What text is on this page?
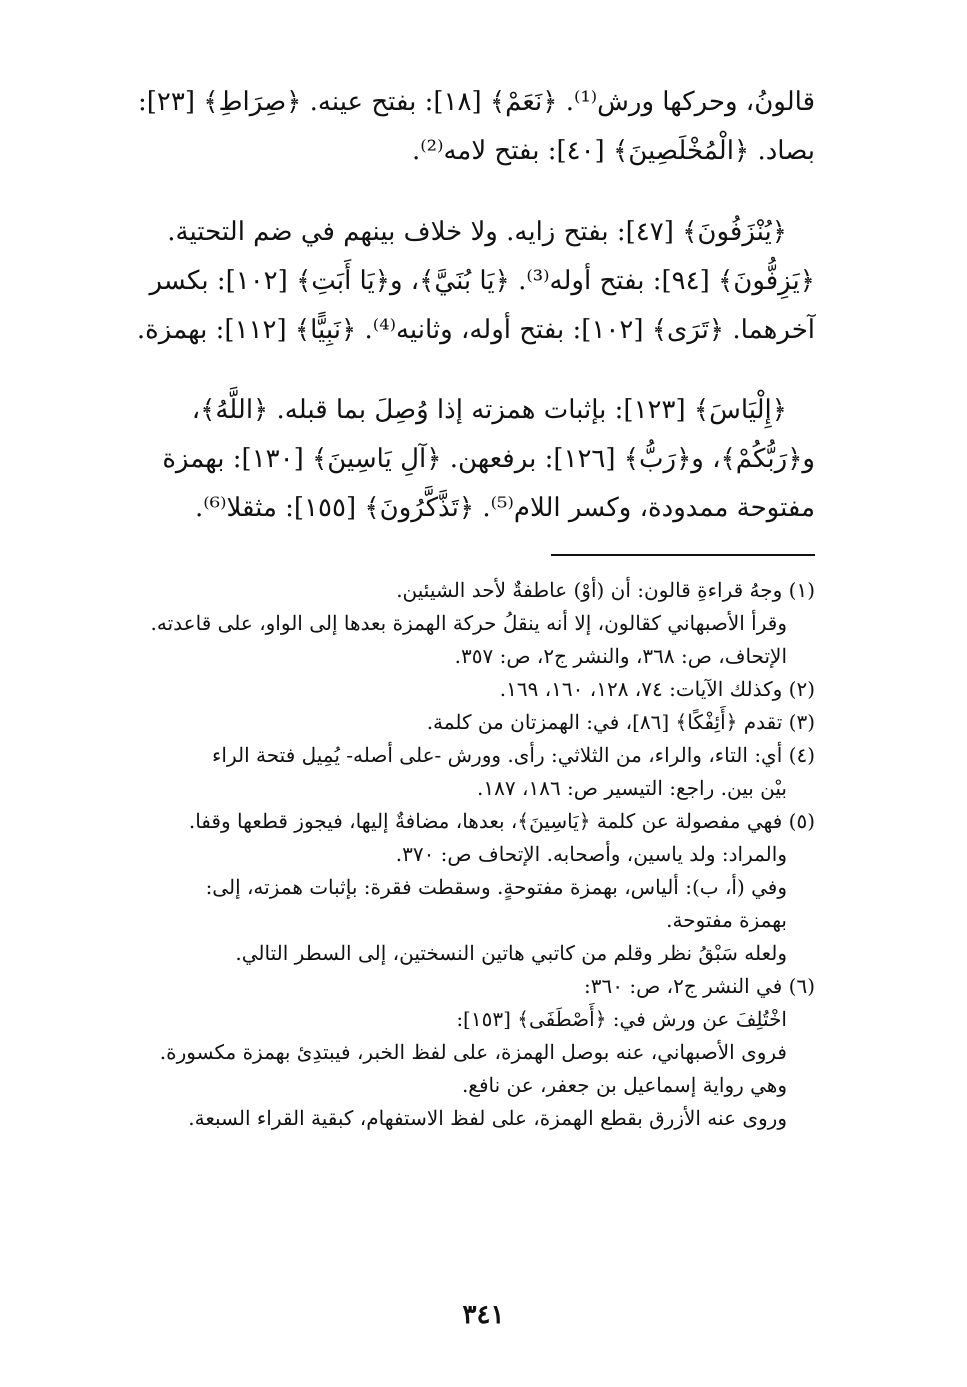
قالونُ، وحركها ورش⁽¹⁾. ﴿نَعَمْ﴾ [١٨]: بفتح عينه. ﴿صِرَاطِ﴾ [٢٣]:
بصاد. ﴿الْمُخْلَصِينَ﴾ [٤٠]: بفتح لامه⁽²⁾.
﴿يُنْزَفُونَ﴾ [٤٧]: بفتح زايه. ولا خلاف بينهم في ضم التحتية.
﴿يَزِفُّونَ﴾ [٩٤]: بفتح أوله⁽³⁾. ﴿يَا بُنَيَّ﴾، و﴿يَا أَبَتِ﴾ [١٠٢]: بكسر
آخرهما. ﴿تَرَى﴾ [١٠٢]: بفتح أوله، وثانيه⁽⁴⁾. ﴿نَبِيًّا﴾ [١١٢]: بهمزة.
﴿إِلْيَاسَ﴾ [١٢٣]: بإثبات همزته إذا وُصِلَ بما قبله. ﴿اللَّهُ﴾،
و﴿رَبُّكُمْ﴾، و﴿رَبُّ﴾ [١٢٦]: برفعهن. ﴿آلِ يَاسِينَ﴾ [١٣٠]: بهمزة
مفتوحة ممدودة، وكسر اللام⁽⁵⁾. ﴿تَذَّكَّرُونَ﴾ [١٥٥]: مثقلا⁽⁶⁾.
(١) وجهُ قراءةِ قالون: أن (أوْ) عاطفةٌ لأحد الشيئين.
وقرأ الأصبهاني كقالون، إلا أنه ينقلُ حركة الهمزة بعدها إلى الواو، على قاعدته.
الإتحاف، ص: ٣٦٨، والنشر ج٢، ص: ٣٥٧.
(٢) وكذلك الآيات: ٧٤، ١٢٨، ١٦٠، ١٦٩.
(٣) تقدم ﴿أَئِفْكًا﴾ [٨٦]، في: الهمزتان من كلمة.
(٤) أي: التاء، والراء، من الثلاثي: رأى. وورش -على أصله- يُمِيل فتحة الراء
بيْن بين. راجع: التيسير ص: ١٨٦، ١٨٧.
(٥) فهي مفصولة عن كلمة ﴿يَاسِينَ﴾، بعدها، مضافةٌ إليها، فيجوز قطعها وقفا.
والمراد: ولد ياسين، وأصحابه. الإتحاف ص: ٣٧٠.
وفي (أ، ب): ألياس، بهمزة مفتوحةٍ. وسقطت فقرة: بإثبات همزته، إلى:
بهمزة مفتوحة.
ولعله سَبْقُ نظر وقلم من كاتبي هاتين النسختين، إلى السطر التالي.
(٦) في النشر ج٢، ص: ٣٦٠:
اخْتُلِفَ عن ورش في: ﴿أَصْطَفَى﴾ [١٥٣]:
فروى الأصبهاني، عنه بوصل الهمزة، على لفظ الخبر، فيبتدِئ بهمزة مكسورة.
وهي رواية إسماعيل بن جعفر، عن نافع.
وروى عنه الأزرق بقطع الهمزة، على لفظ الاستفهام، كبقية القراء السبعة.
٣٤١
